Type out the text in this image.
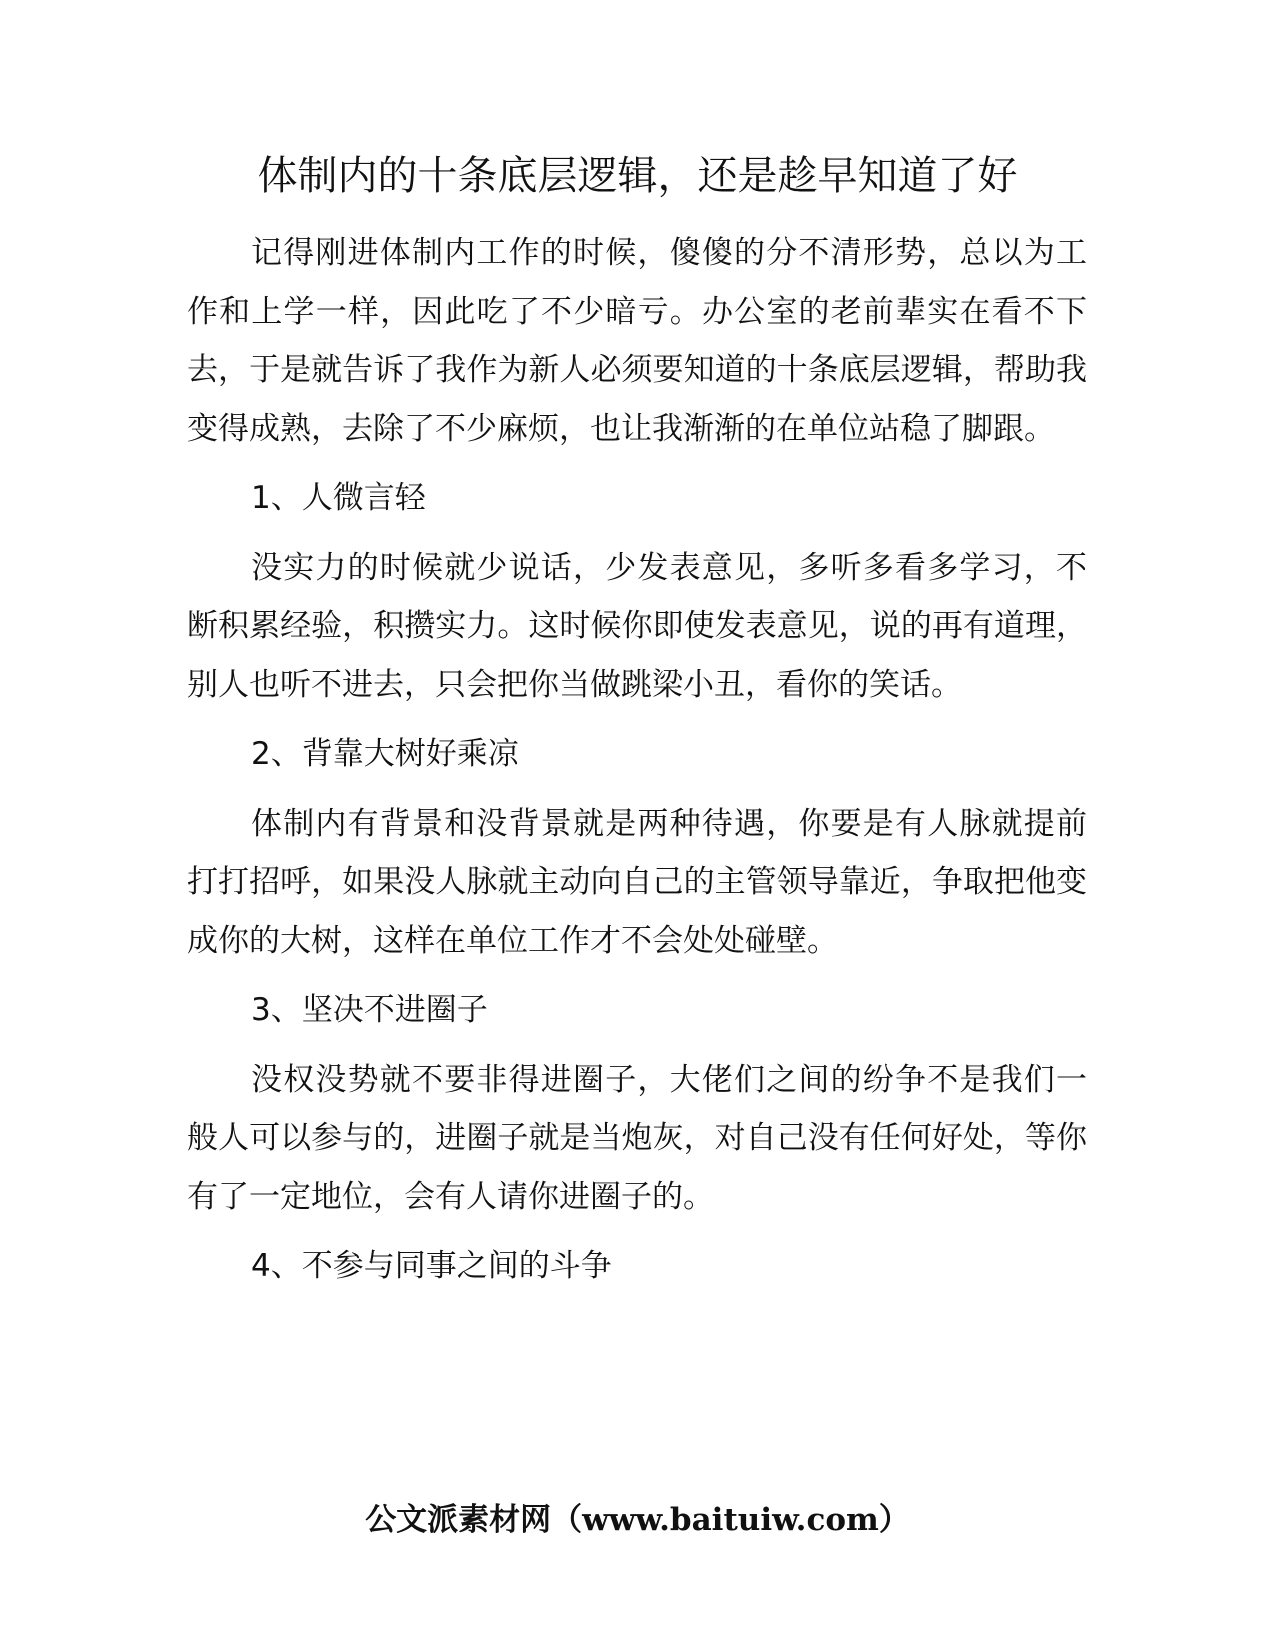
体制内的十条底层逻辑，还是趁早知道了好

记得刚进体制内工作的时候，傻傻的分不清形势，总以为工作和上学一样，因此吃了不少暗亏。办公室的老前辈实在看不下去，于是就告诉了我作为新人必须要知道的十条底层逻辑，帮助我变得成熟，去除了不少麻烦，也让我渐渐的在单位站稳了脚跟。

1、人微言轻

没实力的时候就少说话，少发表意见，多听多看多学习，不断积累经验，积攒实力。这时候你即使发表意见，说的再有道理，别人也听不进去，只会把你当做跳梁小丑，看你的笑话。

2、背靠大树好乘凉

体制内有背景和没背景就是两种待遇，你要是有人脉就提前打打招呼，如果没人脉就主动向自己的主管领导靠近，争取把他变成你的大树，这样在单位工作才不会处处碰壁。

3、坚决不进圈子

没权没势就不要非得进圈子，大佬们之间的纷争不是我们一般人可以参与的，进圈子就是当炮灰，对自己没有任何好处，等你有了一定地位，会有人请你进圈子的。

4、不参与同事之间的斗争

公文派素材网（www.baituiw.com）
